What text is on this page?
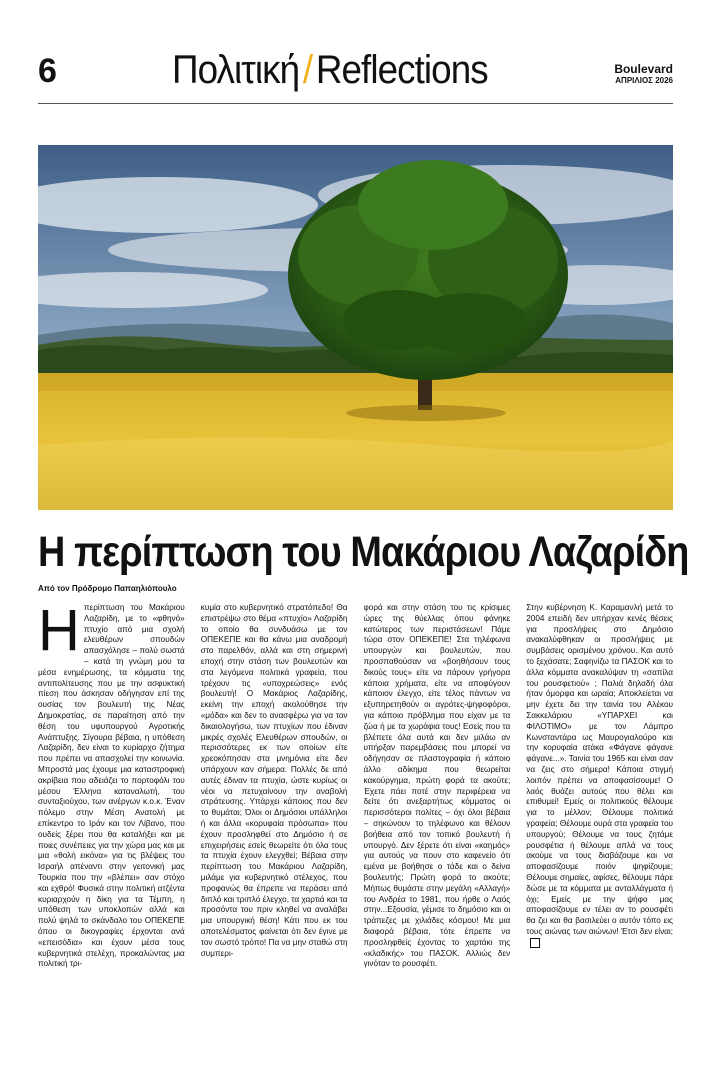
6	Πολιτική/Reflections	Boulevard
ΑΠΡΙΛΙΟΣ 2026
Η περίπτωση του Μακάριου Λαζαρίδη
Από τον Πρόδρομο Παπαηλιόπουλο
Η περίπτωση του Μακάριου Λαζαρίδη, με το «φθηνό» πτυχίο από μια σχολή ελευθέρων σπουδών απασχόλησε – πολύ σωστά – κατά τη γνώμη μου τα μέσα ενημέρωσης, τα κόμματα της αντιπολίτευσης που με την ασφυκτική πίεση που άσκησαν οδήγησαν επί της ουσίας τον βουλευτή της Νέας Δημοκρατίας, σε παραίτηση από την θέση του υφυπουργού Αγροτικής Ανάπτυξης. Σίγουρα βέβαια, η υπόθεση Λαζαρίδη, δεν είναι το κυρίαρχο ζήτημα που πρέπει να απασχολεί την κοινωνία. Μπροστά μας έχουμε μια καταστροφική ακρίβεια που αδειάζει το πορτοφόλι του μέσου Έλληνα καταναλωτή, του συνταξιούχου, των ανέργων κ.ο.κ. Έναν πόλεμο στην Μέση Ανατολή με επίκεντρο το Ιράν και τον Λίβανο, που ουδείς ξέρει που θα καταλήξει και με ποιες συνέπειες για την χώρα μας και με μια «θολή εικόνα» για τις βλέψεις του Ισραήλ απέναντι στην γειτονική μας Τουρκία που την «βλέπει» σαν στόχο και εχθρό! Φυσικά στην πολιτική ατζέντα κυριαρχούν η δίκη για τα Τέμπη, η υπόθεση των υποκλοπών αλλά και πολύ ψηλά το σκάνδαλο του ΟΠΕΚΕΠΕ όπου οι δικογραφίες έρχονται ανά «επεισόδια» και έχουν μέσα τους κυβερνητικά στελέχη, προκαλώντας μια πολιτική τρι-

κυμία στο κυβερνητικό στρατόπεδο! Θα επιστρέψω στο θέμα «πτυχίο» Λαζαρίδη το οποίο θα συνδυάσω με τον ΟΠΕΚΕΠΕ και θα κάνω μια αναδρομή στο παρελθόν, αλλά και στη σημερινή εποχή στην στάση των βουλευτών και στα λεγόμενα πολιτικά γραφεία, που τρέχουν τις «υποχρεώσεις» ενός βουλευτή! Ο Μακάριος Λαζαρίδης, εκείνη την εποχή ακολούθησε την «μόδα» και δεν το ανασφέρω για να τον δικαιολογήσω, των πτυχίων που έδιναν μικρές σχολές Ελευθέρων σπουδών, οι περισσότερες εκ των οποίων είτε χρεοκόπησαν στα μνημόνια είτε δεν υπάρχουν καν σήμερα. Πολλές δε από αυτές έδιναν τα πτυχία, ώστε κυρίως οι νέοι να πετυχαίνουν την αναβολή στράτευσης. Υπάρχει κάποιος που δεν το θυμάται; Όλοι οι Δημόσιοι υπάλληλοι ή και άλλα «κορυφαία πρόσωπα» που έχουν προσληφθεί στο Δημόσιο ή σε επιχειρήσεις εσείς θεωρείτε ότι όλα τους τα πτυχία έχουν ελεγχθεί; Βέβαια στην περίπτωση του Μακάριου Λαζαρίδη, μιλάμε για κυβερνητικό στέλεχος, που προφανώς θα έπρεπε να περάσει από διπλό και τριπλό έλεγχο, τα χαρτιά και τα προσόντα του πριν κληθεί να αναλάβει μια υπουργική θέση! Κάτι που εκ του αποτελέσματος φαίνεται ότι δεν έγινε με τον σωστό τρόπο! Πα να μην σταθώ στη συμπερι-

φορά και στην στάση του τις κρίσιμες ώρες της θύελλας όπου φάνηκε κατώτερος των περιστάσεων! Πάμε τώρα στον ΟΠΕΚΕΠΕ! Στα τηλέφωνα υπουργών και βουλευτών, που προσπαθούσαν να «βοηθήσουν τους δικούς τους» είτε να πάρουν γρήγορα κάποια χρήματα, είτε να αποφύγουν κάποιον έλεγχο, είτε τέλος πάντων να εξυπηρετηθούν οι αγρότες-ψηφοφόροι, για κάποιο πρόβλημα που είχαν με τα ζώα ή με τα χωράφια τους! Εσείς που τα βλέπετε όλα αυτά και δεν μιλάω αν υπήρξαν παρεμβάσεις που μπορεί να οδήγησαν σε πλαστογραφία ή κάποιο άλλο αδίκημα που θεωρείται κακούργημα, πρώτη φορά τα ακούτε; Έχετε πάει ποτέ στην περιφέρεια να δείτε ότι ανεξαρτήτως κόμματος οι περισσότεροι πολίτες – όχι όλοι βέβαια – σηκώνουν το τηλέφωνο και θέλουν βοήθεια από τον τοπικό βουλευτή ή υπουργό. Δεν ξέρετε ότι είναι «καημός» για αυτούς να πουν στο καφενείο ότι εμένα με βοήθησε ο τάδε και ο δείνα βουλευτής; Πρώτη φορά το ακούτε; Μήπως θυμάστε στην μεγάλη «Αλλαγή» του Ανδρέα το 1981, που ήρθε ο Λαός στην...Εξουσία, γέμισε το δημόσιο και οι τράπεζες με χιλιάδες κόσμου! Με μια διαφορά βέβαια, τότε έπρεπε να προσληφθείς έχοντας το χαρτάκι της «κλαδικής» του ΠΑΣΟΚ. Αλλιώς δεν γινόταν το ρουσφέτι.

Στην κυβέρνηση Κ. Καραμανλή μετά το 2004 επειδή δεν υπήρχαν κενές θέσεις για προσλήψεις στο Δημόσιο ανακαλύφθηκαν οι προσλήψεις με συμβάσεις ορισμένου χρόνου. Και αυτό το ξεχάσατε; Σαφηνίζω τα ΠΑΣΟΚ και το άλλα κόμματα ανακαλύψαν τη «σαπίλα του ρουσφετιού» ; Παλιά δηλαδή όλα ήταν όμορφα και ωραία; Αποκλείεται να μην έχετε δει την ταινία του Αλέκου Σακκελάριου «ΥΠΑΡΧΕΙ και ΦΙΛΟΤΙΜΟ» με τον Λάμπρο Κωνσταντάρα ως Μαυρογιαλούρο και την κορυφαία ατάκα «Φάγανε φάγανε φάγανε...». Ταινία του 1965 και είναι σαν να ζεις στο σήμερα! Κάποια στιγμή λοιπόν πρέπει να αποφασίσουμε! Ο λαός θυάζει αυτούς που θέλει και επιθυμεί! Εμείς οι πολιτικούς θέλουμε για το μέλλον; Θέλουμε πολιτικά γραφεία; Θέλουμε ουρά στα γραφεία του υπουργού; Θέλουμε να τους ζητάμε ρουσφέτια ή θέλουμε απλά να τους ακούμε να τους διαβάζουμε και να αποφασίζουμε ποιόν ψηφίζουμε; Θέλουμε σημαίες, αφίσες, θέλουμε πάρε δώσε με τα κόμματα με ανταλλάγματα ή όχι; Εμείς με την ψήφο μας αποφασίζουμε εν τέλει αν το ρουσφέτι θα ζει και θα βασιλεύει ο αυτόν τόπο εις τους αιώνας των αιώνων! Έτσι δεν είναι;
